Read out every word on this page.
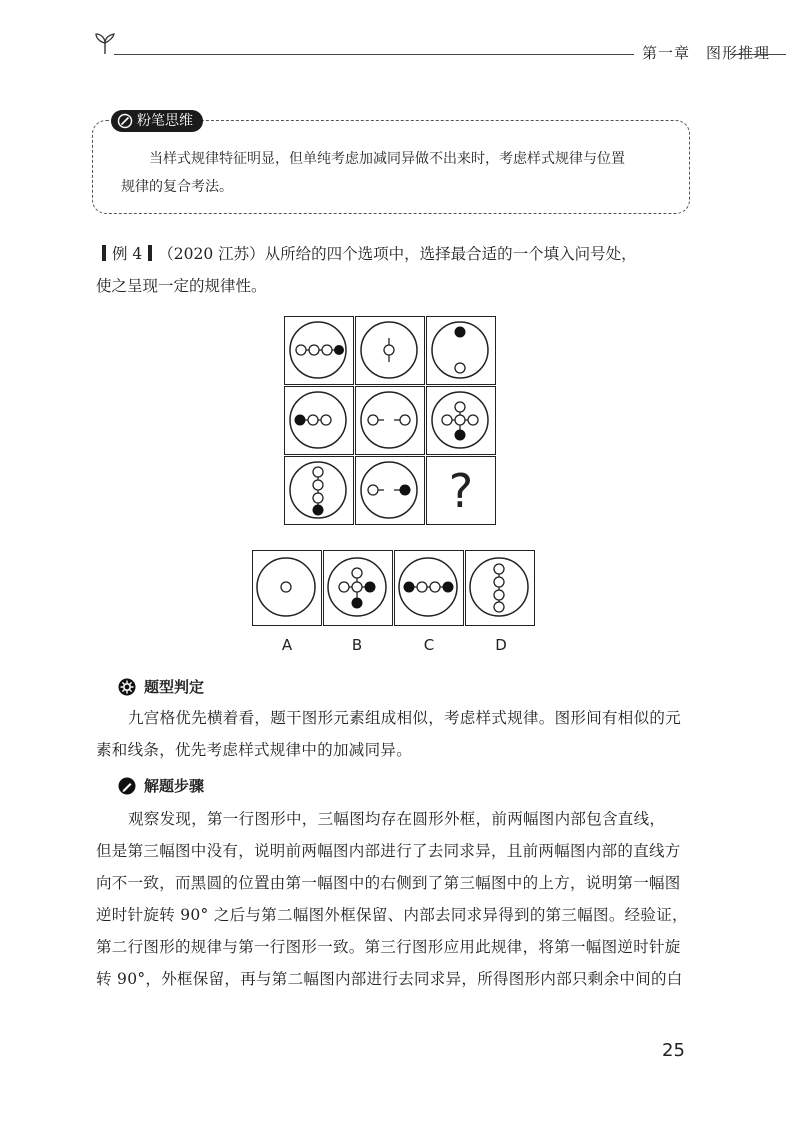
第一章　图形推理
粉笔思维
当样式规律特征明显，但单纯考虑加减同异做不出来时，考虑样式规律与位置
规律的复合考法。
例 4 （2020 江苏）从所给的四个选项中，选择最合适的一个填入问号处，
使之呈现一定的规律性。
?
A	B	C	D
题型判定
九宫格优先横着看，题干图形元素组成相似，考虑样式规律。图形间有相似的元
素和线条，优先考虑样式规律中的加减同异。
解题步骤
观察发现，第一行图形中，三幅图均存在圆形外框，前两幅图内部包含直线，
但是第三幅图中没有，说明前两幅图内部进行了去同求异，且前两幅图内部的直线方
向不一致，而黑圆的位置由第一幅图中的右侧到了第三幅图中的上方，说明第一幅图
逆时针旋转 90° 之后与第二幅图外框保留、内部去同求异得到的第三幅图。经验证，
第二行图形的规律与第一行图形一致。第三行图形应用此规律，将第一幅图逆时针旋
转 90°，外框保留，再与第二幅图内部进行去同求异，所得图形内部只剩余中间的白
25
